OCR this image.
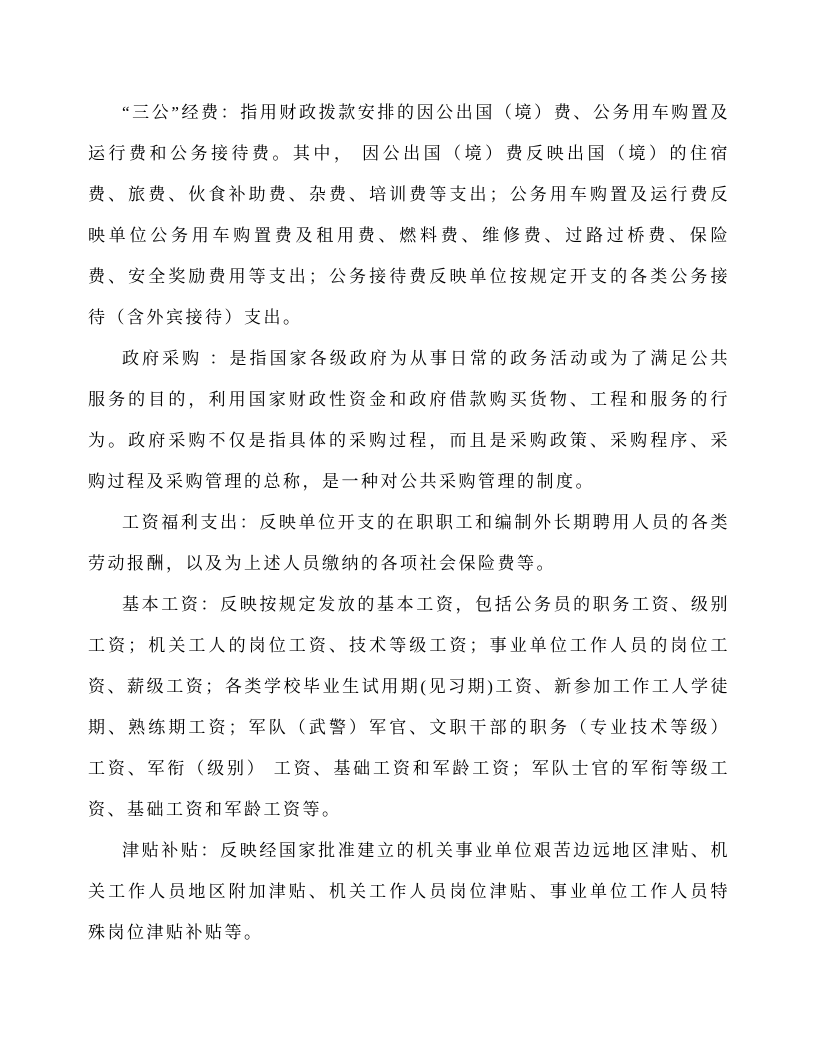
“三公”经费：指用财政拨款安排的因公出国（境）费、公务用车购置及运行费和公务接待费。其中， 因公出国（境）费反映出国（境）的住宿费、旅费、伙食补助费、杂费、培训费等支出；公务用车购置及运行费反映单位公务用车购置费及租用费、燃料费、维修费、过路过桥费、保险费、安全奖励费用等支出；公务接待费反映单位按规定开支的各类公务接待（含外宾接待）支出。

政府采购 ：是指国家各级政府为从事日常的政务活动或为了满足公共服务的目的，利用国家财政性资金和政府借款购买货物、工程和服务的行为。政府采购不仅是指具体的采购过程，而且是采购政策、采购程序、采购过程及采购管理的总称，是一种对公共采购管理的制度。

工资福利支出：反映单位开支的在职职工和编制外长期聘用人员的各类劳动报酬，以及为上述人员缴纳的各项社会保险费等。

基本工资：反映按规定发放的基本工资，包括公务员的职务工资、级别工资；机关工人的岗位工资、技术等级工资；事业单位工作人员的岗位工资、薪级工资；各类学校毕业生试用期(见习期)工资、新参加工作工人学徒期、熟练期工资；军队（武警）军官、文职干部的职务（专业技术等级） 工资、军衔（级别） 工资、基础工资和军龄工资；军队士官的军衔等级工资、基础工资和军龄工资等。

津贴补贴：反映经国家批准建立的机关事业单位艰苦边远地区津贴、机关工作人员地区附加津贴、机关工作人员岗位津贴、事业单位工作人员特殊岗位津贴补贴等。
